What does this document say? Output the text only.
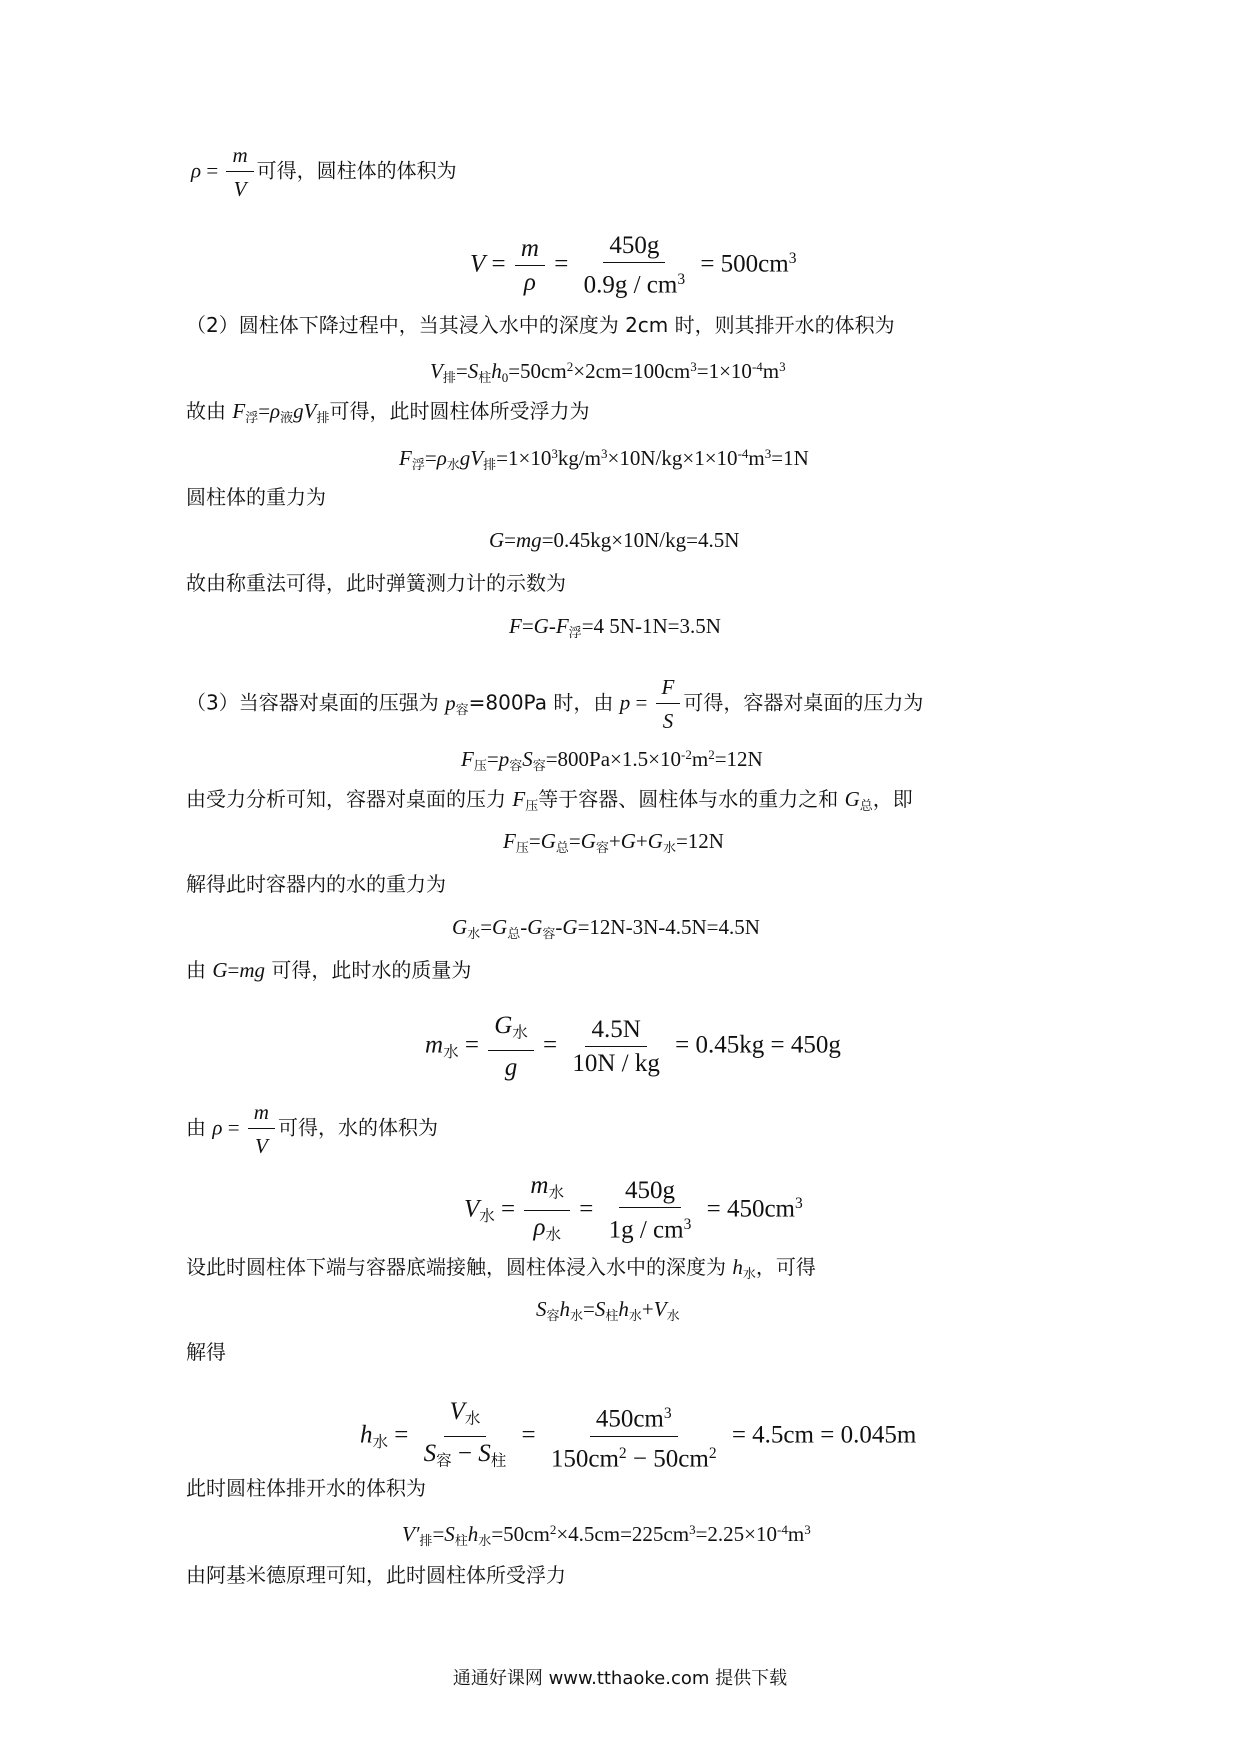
$\rho = \frac{m}{V}$ 可得，圆柱体的体积为
$V = \frac{m}{\rho} = \frac{450g}{0.9g / cm^3} = 500cm^3$
（2）圆柱体下降过程中，当其浸入水中的深度为 2cm 时，则其排开水的体积为
$V_排=S_柱h_0=50cm^2\times 2cm=100cm^3=1\times 10^{-4}m^3$
故由 $F_浮=\rho_液gV_排$可得，此时圆柱体所受浮力为
$F_浮=\rho_水gV_排=1\times 10^3kg/m^3\times 10N/kg\times 1\times 10^{-4}m^3=1N$
圆柱体的重力为
G=mg=0.45kg×10N/kg=4.5N
故由称重法可得，此时弹簧测力计的示数为
$F=G-F_浮=4$ 5N-1N=3.5N
（3）当容器对桌面的压强为 $p_容=800Pa$ 时，由 $p = \frac{F}{S}$ 可得，容器对桌面的压力为
$F_压=p_容S_容=800Pa\times 1.5\times 10^{-2}m^2=12N$
由受力分析可知，容器对桌面的压力 $F_压$等于容器、圆柱体与水的重力之和 $G_总$，即
$F_压=G_总=G_容+G+G_水=12N$
解得此时容器内的水的重力为
$G_水=G_总-G_容-G=12N-3N-4.5N=4.5N$
由 G=mg 可得，此时水的质量为
$m_水 = \frac{G_水}{g} = \frac{4.5N}{10N / kg} = 0.45kg = 450g$
由 $\rho = \frac{m}{V}$ 可得，水的体积为
$V_水 = \frac{m_水}{\rho_水} = \frac{450g}{1g / cm^3} = 450cm^3$
设此时圆柱体下端与容器底端接触，圆柱体浸入水中的深度为 $h_水$，可得
$S_容h_水=S_柱h_水+V_水$
解得
$h_水 = \frac{V_水}{S_容 - S_柱} = \frac{450cm^3}{150cm^2 - 50cm^2} = 4.5cm = 0.045m$
此时圆柱体排开水的体积为
$V'_排=S_柱h_水=50cm^2\times 4.5cm=225cm^3=2.25\times 10^{-4}m^3$
由阿基米德原理可知，此时圆柱体所受浮力
通通好课网 www.tthaoke.com 提供下载
